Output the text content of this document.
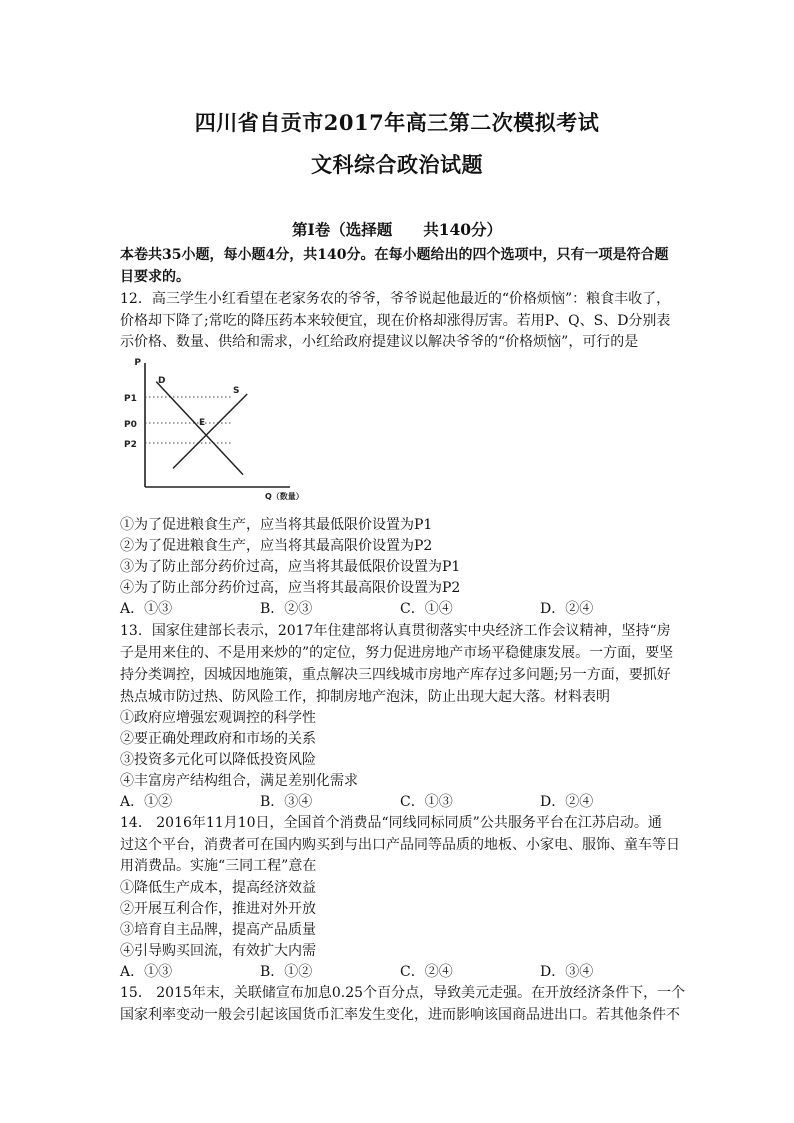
四川省自贡市2017年高三第二次模拟考试
文科综合政治试题
第Ⅰ卷（选择题　　共140分）
本卷共35小题，每小题4分，共140分。在每小题给出的四个选项中，只有一项是符合题
目要求的。
12．高三学生小红看望在老家务农的爷爷，爷爷说起他最近的“价格烦恼”：粮食丰收了，
价格却下降了;常吃的降压药本来较便宜，现在价格却涨得厉害。若用P、Q、S、D分别表
示价格、数量、供给和需求，小红给政府提建议以解决爷爷的“价格烦恼”，可行的是
P
P1
P0
P2
D
S
E
Q（数量）
①为了促进粮食生产，应当将其最低限价设置为P1
②为了促进粮食生产，应当将其最高限价设置为P2
③为了防止部分药价过高，应当将其最低限价设置为P1
④为了防止部分药价过高，应当将其最高限价设置为P2
A．①③	B．②③	C．①④	D．②④
13．国家住建部长表示，2017年住建部将认真贯彻落实中央经济工作会议精神，坚持“房
子是用来住的、不是用来炒的”的定位，努力促进房地产市场平稳健康发展。一方面，要坚
持分类调控，因城因地施策，重点解决三四线城市房地产库存过多问题;另一方面，要抓好
热点城市防过热、防风险工作，抑制房地产泡沫，防止出现大起大落。材料表明
①政府应增强宏观调控的科学性
②要正确处理政府和市场的关系
③投资多元化可以降低投资风险
④丰富房产结构组合，满足差别化需求
A．①②	B．③④	C．①③	D．②④
14． 2016年11月10日，全国首个消费品“同线同标同质”公共服务平台在江苏启动。通
过这个平台，消费者可在国内购买到与出口产品同等品质的地板、小家电、服饰、童车等日
用消费品。实施“三同工程”意在
①降低生产成本，提高经济效益
②开展互利合作，推进对外开放
③培育自主品牌，提高产品质量
④引导购买回流，有效扩大内需
A．①③	B．①②	C．②④	D．③④
15． 2015年末，关联储宣布加息0.25个百分点，导致美元走强。在开放经济条件下，一个
国家利率变动一般会引起该国货币汇率发生变化，进而影响该国商品进出口。若其他条件不
